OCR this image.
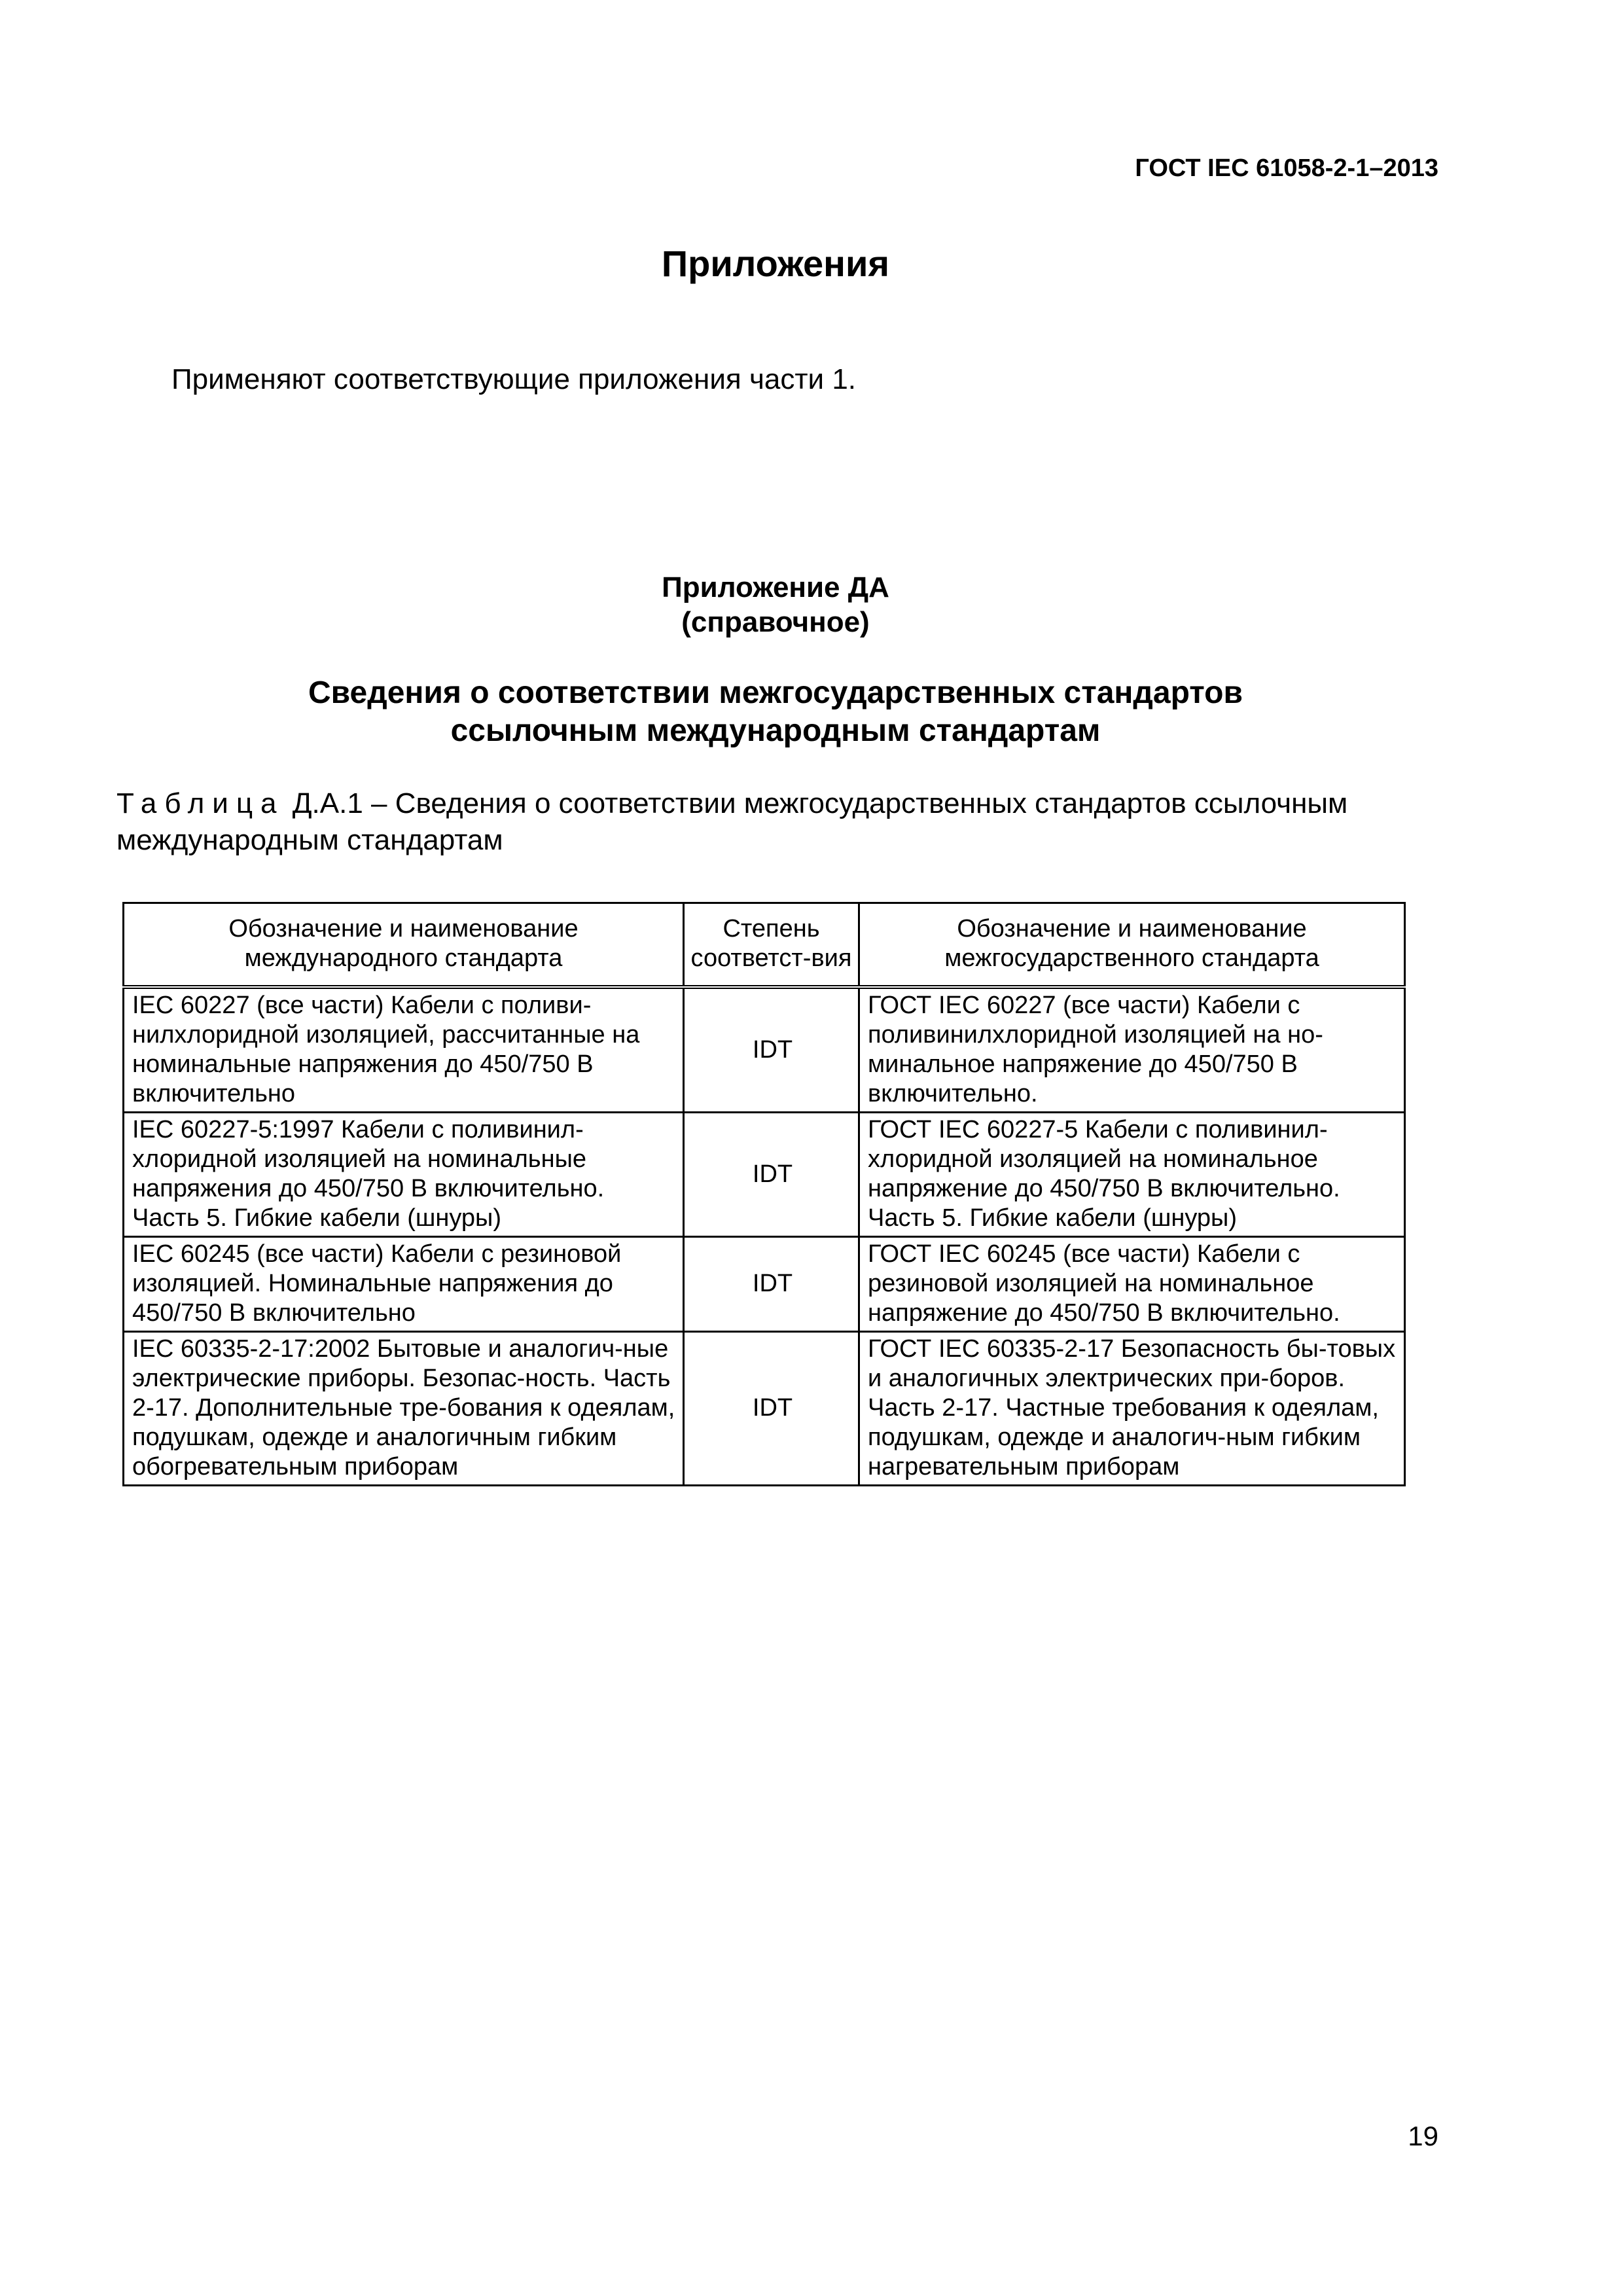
ГОСТ IEC 61058-2-1–2013
Приложения
Применяют соответствующие приложения части 1.
Приложение ДА
(справочное)
Сведения о соответствии межгосударственных стандартов
ссылочным международным стандартам
Таблица Д.А.1 – Сведения о соответствии межгосударственных стандартов ссылочным международным стандартам
Обозначение и наименование международного стандарта	Степень соответст-вия	Обозначение и наименование межгосударственного стандарта
IEC 60227 (все части) Кабели с поливи-нилхлоридной изоляцией, рассчитанные на номинальные напряжения до 450/750 В включительно	IDT	ГОСТ IEC 60227 (все части) Кабели с поливинилхлоридной изоляцией на но-минальное напряжение до 450/750 В включительно.
IEC 60227-5:1997 Кабели с поливинил-хлоридной изоляцией на номинальные напряжения до 450/750 В включительно. Часть 5. Гибкие кабели (шнуры)	IDT	ГОСТ IEC 60227-5 Кабели с поливинил-хлоридной изоляцией на номинальное напряжение до 450/750 В включительно. Часть 5. Гибкие кабели (шнуры)
IEC 60245 (все части) Кабели с резиновой изоляцией. Номинальные напряжения до 450/750 В включительно	IDT	ГОСТ IEC 60245 (все части) Кабели с резиновой изоляцией на номинальное напряжение до 450/750 В включительно.
IEC 60335-2-17:2002 Бытовые и аналогич-ные электрические приборы. Безопас-ность. Часть 2-17. Дополнительные тре-бования к одеялам, подушкам, одежде и аналогичным гибким обогревательным приборам	IDT	ГОСТ IEC 60335-2-17 Безопасность бы-товых и аналогичных электрических при-боров. Часть 2-17. Частные требования к одеялам, подушкам, одежде и аналогич-ным гибким нагревательным приборам
19
